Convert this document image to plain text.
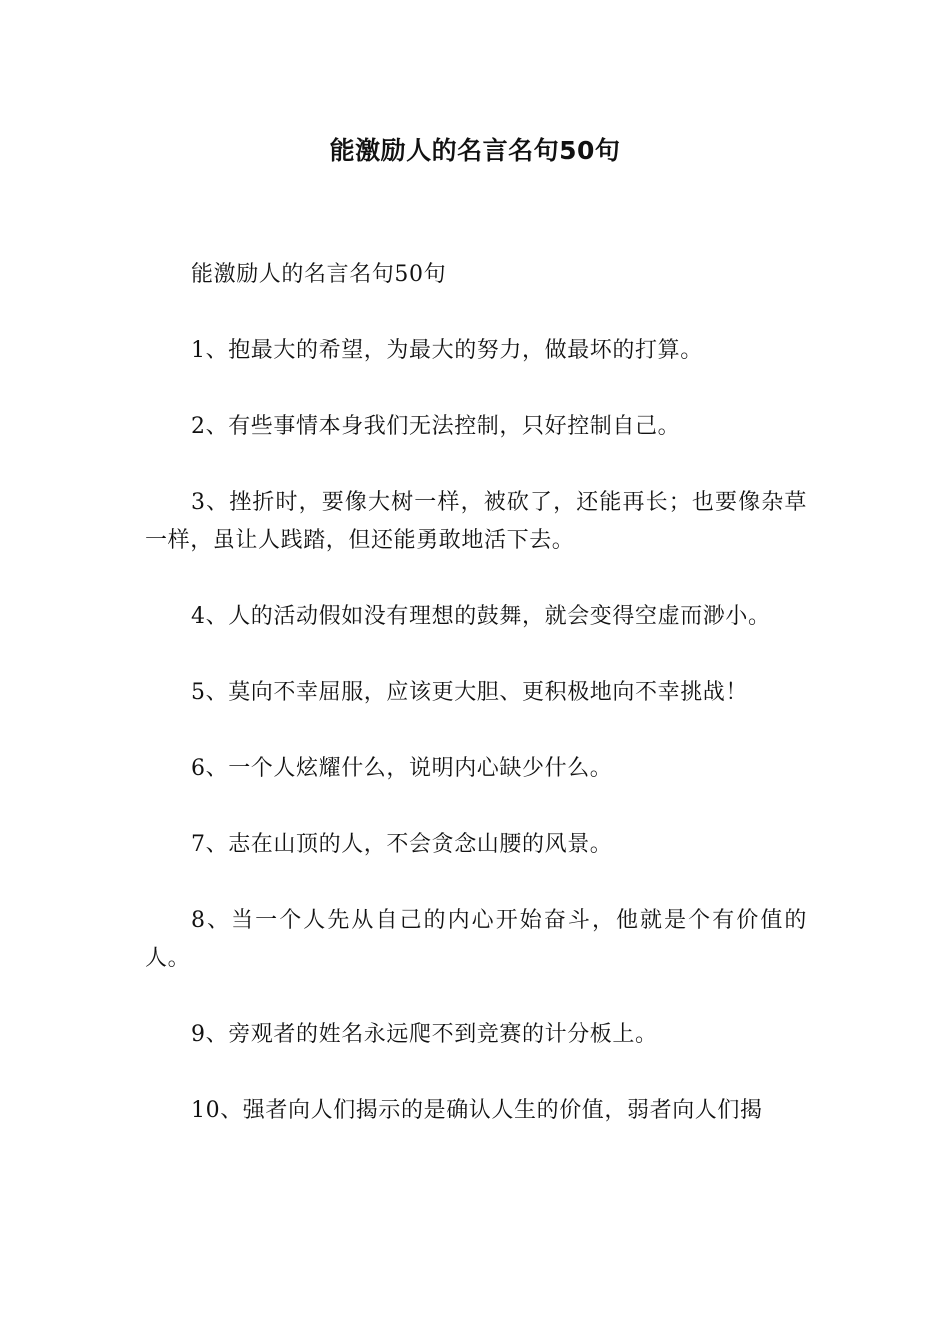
能激励人的名言名句50句

能激励人的名言名句50句

1、抱最大的希望，为最大的努力，做最坏的打算。

2、有些事情本身我们无法控制，只好控制自己。

3、挫折时，要像大树一样，被砍了，还能再长；也要像杂草一样，虽让人践踏，但还能勇敢地活下去。

4、人的活动假如没有理想的鼓舞，就会变得空虚而渺小。

5、莫向不幸屈服，应该更大胆、更积极地向不幸挑战！

6、一个人炫耀什么，说明内心缺少什么。

7、志在山顶的人，不会贪念山腰的风景。

8、当一个人先从自己的内心开始奋斗，他就是个有价值的人。

9、旁观者的姓名永远爬不到竞赛的计分板上。

10、强者向人们揭示的是确认人生的价值，弱者向人们揭
